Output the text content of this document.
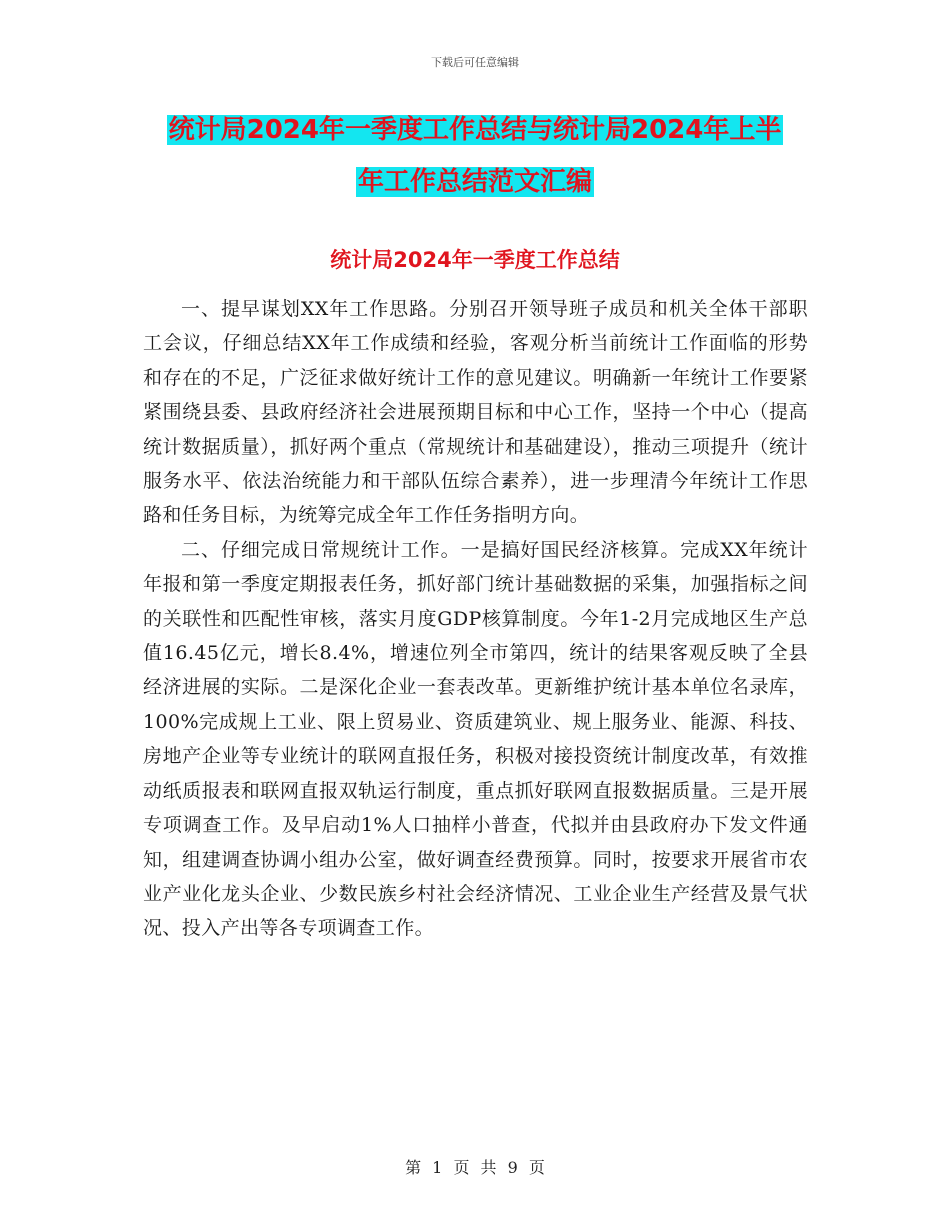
下载后可任意编辑
统计局2024年一季度工作总结与统计局2024年上半
年工作总结范文汇编
统计局2024年一季度工作总结

一、提早谋划XX年工作思路。分别召开领导班子成员和机关全体干部职工会议，仔细总结XX年工作成绩和经验，客观分析当前统计工作面临的形势和存在的不足，广泛征求做好统计工作的意见建议。明确新一年统计工作要紧紧围绕县委、县政府经济社会进展预期目标和中心工作，坚持一个中心（提高统计数据质量），抓好两个重点（常规统计和基础建设），推动三项提升（统计服务水平、依法治统能力和干部队伍综合素养），进一步理清今年统计工作思路和任务目标，为统筹完成全年工作任务指明方向。

二、仔细完成日常规统计工作。一是搞好国民经济核算。完成XX年统计年报和第一季度定期报表任务，抓好部门统计基础数据的采集，加强指标之间的关联性和匹配性审核，落实月度GDP核算制度。今年1-2月完成地区生产总值16.45亿元，增长8.4%，增速位列全市第四，统计的结果客观反映了全县经济进展的实际。二是深化企业一套表改革。更新维护统计基本单位名录库，100%完成规上工业、限上贸易业、资质建筑业、规上服务业、能源、科技、房地产企业等专业统计的联网直报任务，积极对接投资统计制度改革，有效推动纸质报表和联网直报双轨运行制度，重点抓好联网直报数据质量。三是开展专项调查工作。及早启动1%人口抽样小普查，代拟并由县政府办下发文件通知，组建调查协调小组办公室，做好调查经费预算。同时，按要求开展省市农业产业化龙头企业、少数民族乡村社会经济情况、工业企业生产经营及景气状况、投入产出等各专项调查工作。

第 1 页 共 9 页
